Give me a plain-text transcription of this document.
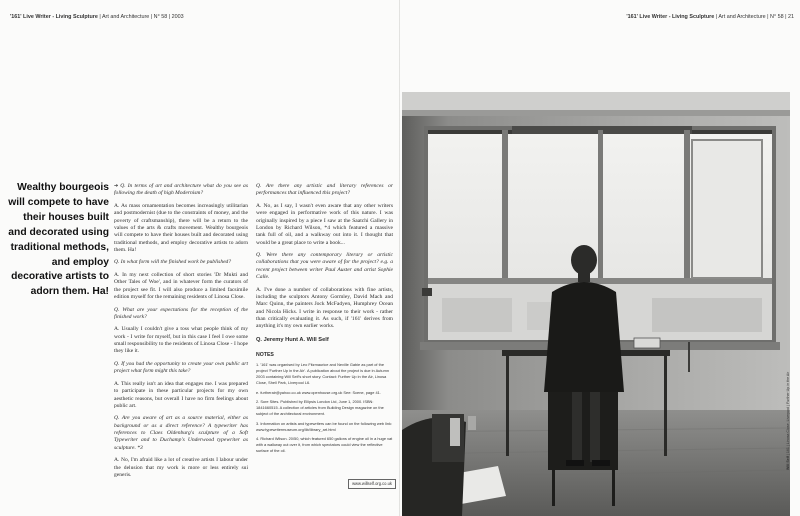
'161' Live Writer - Living Sculpture | Art and Architecture | N° 58 | 2003
Wealthy bourgeois will compete to have their houses built and decorated using traditional methods, and employ decorative artists to adorn them. Ha!

➔ Q. In terms of art and architecture what do you see as following the death of high Modernism?

A. As mass ornamentation becomes increasingly utilitarian and postmodernist (due to the constraints of money, and the poverty of craftsmanship), there will be a return to the values of the arts & crafts movement. Wealthy bourgeois will compete to have their houses built and decorated using traditional methods, and employ decorative artists to adorn them. Ha!

Q. In what form will the finished work be published?

A. In my next collection of short stories 'Dr Mukti and Other Tales of Woe', and in whatever form the curators of the project see fit. I will also produce a limited facsimile edition myself for the remaining residents of Linosa Close.

Q. What are your expectations for the reception of the finished work?

A. Usually I couldn't give a toss what people think of my work - I write for myself, but in this case I feel I owe some small responsibility to the residents of Linosa Close - I hope they like it.

Q. If you had the opportunity to create your own public art project what form might this take?

A. This really isn't an idea that engages me. I was prepared to participate in these particular projects for my own aesthetic reasons, but overall I have no firm feelings about public art.

Q. Are you aware of art as a source material, either as background or as a direct reference? A typewriter has references to Claes Oldenburg's sculpture of a Soft Typewriter and to Duchamp's Underwood typewriter as sculpture. *3

A. No, I'm afraid like a lot of creative artists I labour under the delusion that my work is more or less entirely sui generis.

Q. Are there any artistic and literary references or performances that influenced this project?

A. No, as I say, I wasn't even aware that any other writers were engaged in performative work of this nature. I was originally inspired by a piece I saw at the Saatchi Gallery in London by Richard Wilson, *4 which featured a massive tank full of oil, and a walkway out into it. I thought that would be a great place to write a book...

Q. Were there any contemporary literary or artistic collaborations that you were aware of for the project? e.g. a recent project between writer Paul Auster and artist Sophie Calle.

A. I've done a number of collaborations with fine artists, including the sculptors Antony Gormley, David Mach and Marc Quinn, the painters Jock McFadyen, Humphrey Ocean and Nicola Hicks. I write in response to their work - rather than critically evaluating it. As such, if '161' derives from anything it's my own earlier works.

Q. Jeremy Hunt A. Will Self
NOTES
1. '161' was organised by Leo Fitzmaurice and Neville Gabie as part of the project 'Further Up in the Air'. A publication about the project is due in Autumn 2003 containing Will Self's short story. Contact: Further Up in the Air, Linosa Close, Shell Park, Liverpool L6.
e. furtherair@yahoo.co.uk www.openhouse.org.uk See: Scene, page 41.
2. Sore Sites. Published by Ellipsis London Ltd, June 1, 2000. ISBN: 1841660515. A collection of articles from Building Design magazine on the subject of the architectural environment.
3. Information on artists and typewriters can be found on the following web link: www.typewritermuseum.org/lib/library_art.html
4. Richard Wilson. 20/50, which featured 650 gallons of engine oil in a huge vat with a walkway out over it, from which spectators could view the reflective surface of the oil.
www.willself.org.co.uk
'161' Live Writer - Living Sculpture | Art and Architecture | N° 58 | 21
Will Self | 161 | Linosa Close, Liverpool | Further Up in the Air
